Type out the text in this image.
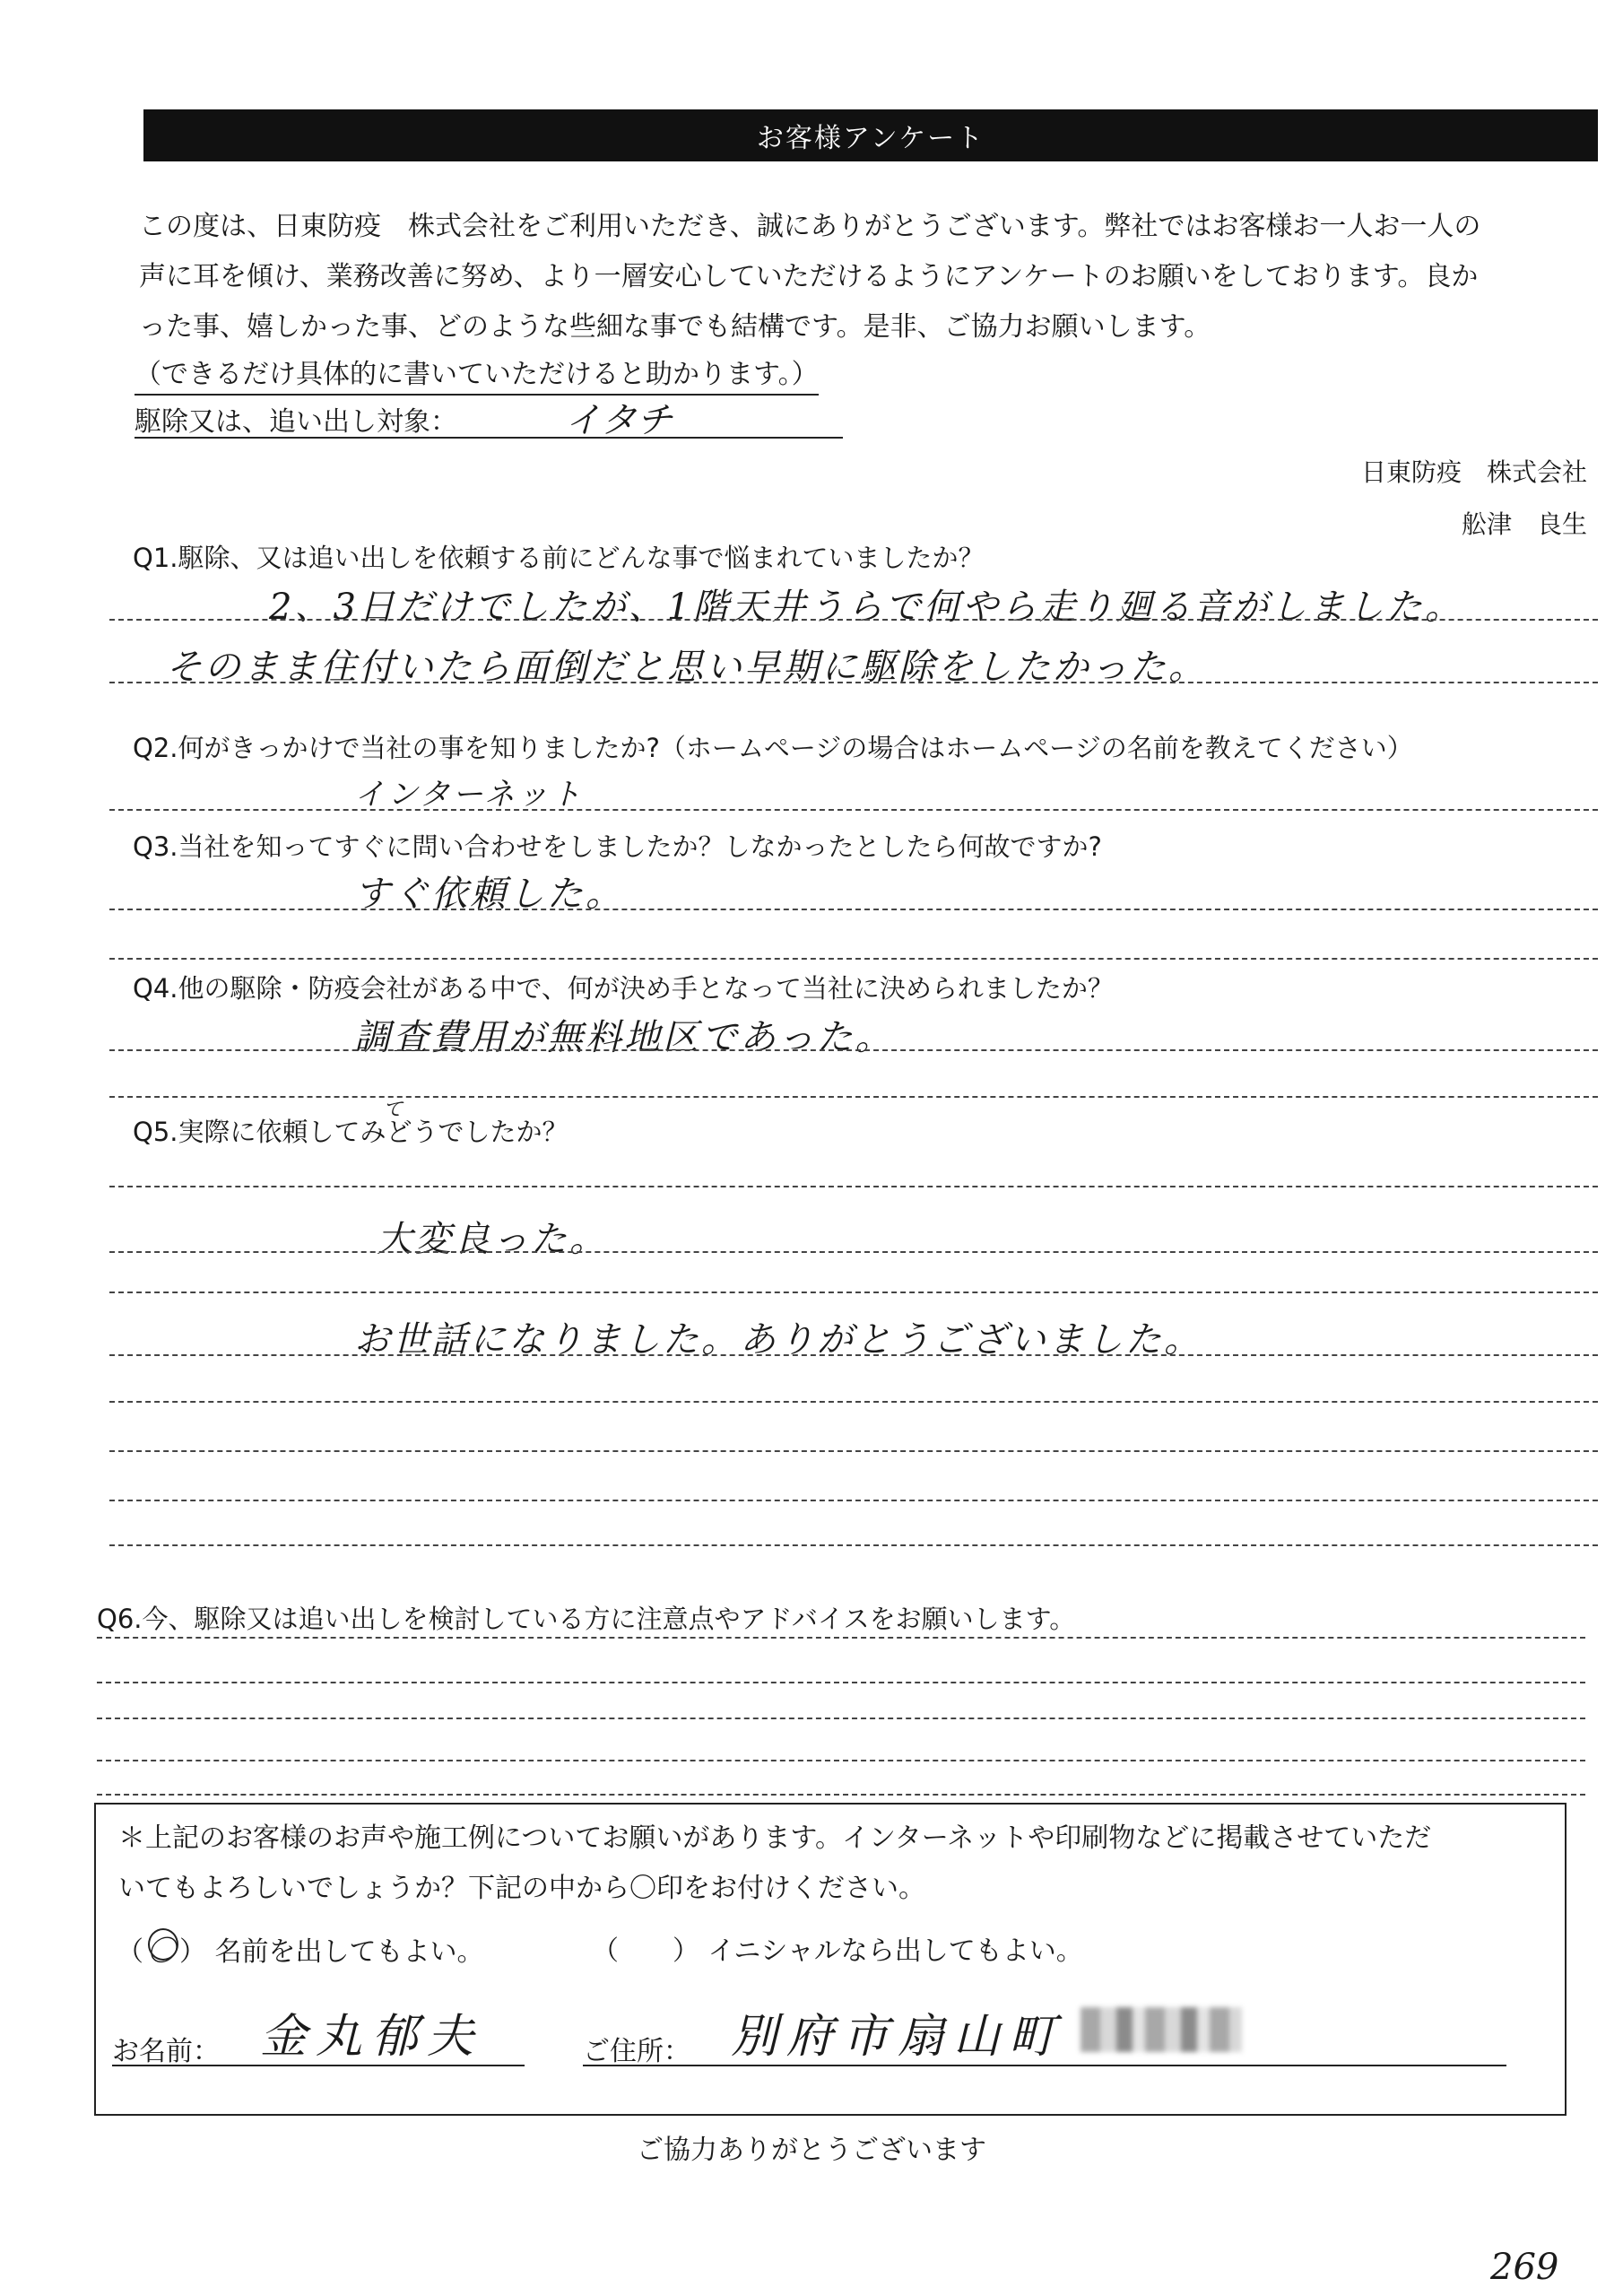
お客様アンケート

この度は、日東防疫　株式会社をご利用いただき、誠にありがとうございます。弊社ではお客様お一人お一人の

声に耳を傾け、業務改善に努め、より一層安心していただけるようにアンケートのお願いをしております。良か

った事、嬉しかった事、どのような些細な事でも結構です。是非、ご協力お願いします。

（できるだけ具体的に書いていただけると助かります。）
駆除又は、追い出し対象：	イタチ
日東防疫　株式会社
舩津　良生
Q1.駆除、又は追い出しを依頼する前にどんな事で悩まれていましたか？
2、3日だけでしたが、1階天井うらで何やら走り廻る音がしました。
そのまま住付いたら面倒だと思い早期に駆除をしたかった。
Q2.何がきっかけで当社の事を知りましたか?（ホームページの場合はホームページの名前を教えてください）
インターネット
Q3.当社を知ってすぐに問い合わせをしましたか？しなかったとしたら何故ですか?
すぐ依頼した。
Q4.他の駆除・防疫会社がある中で、何が決め手となって当社に決められましたか？
調査費用が無料地区であった。
Q5.実際に依頼してみどうでしたか？
て
大変良った。
お世話になりました。ありがとうございました。
Q6.今、駆除又は追い出しを検討している方に注意点やアドバイスをお願いします。

＊上記のお客様のお声や施工例についてお願いがあります。インターネットや印刷物などに掲載させていただ

いてもよろしいでしょうか？下記の中から〇印をお付けください。

（ 〇 ） 名前を出してもよい。	（　　） イニシャルなら出してもよい。
お名前： 金丸郁夫	ご住所： 別府市扇山町
ご協力ありがとうございます
269
